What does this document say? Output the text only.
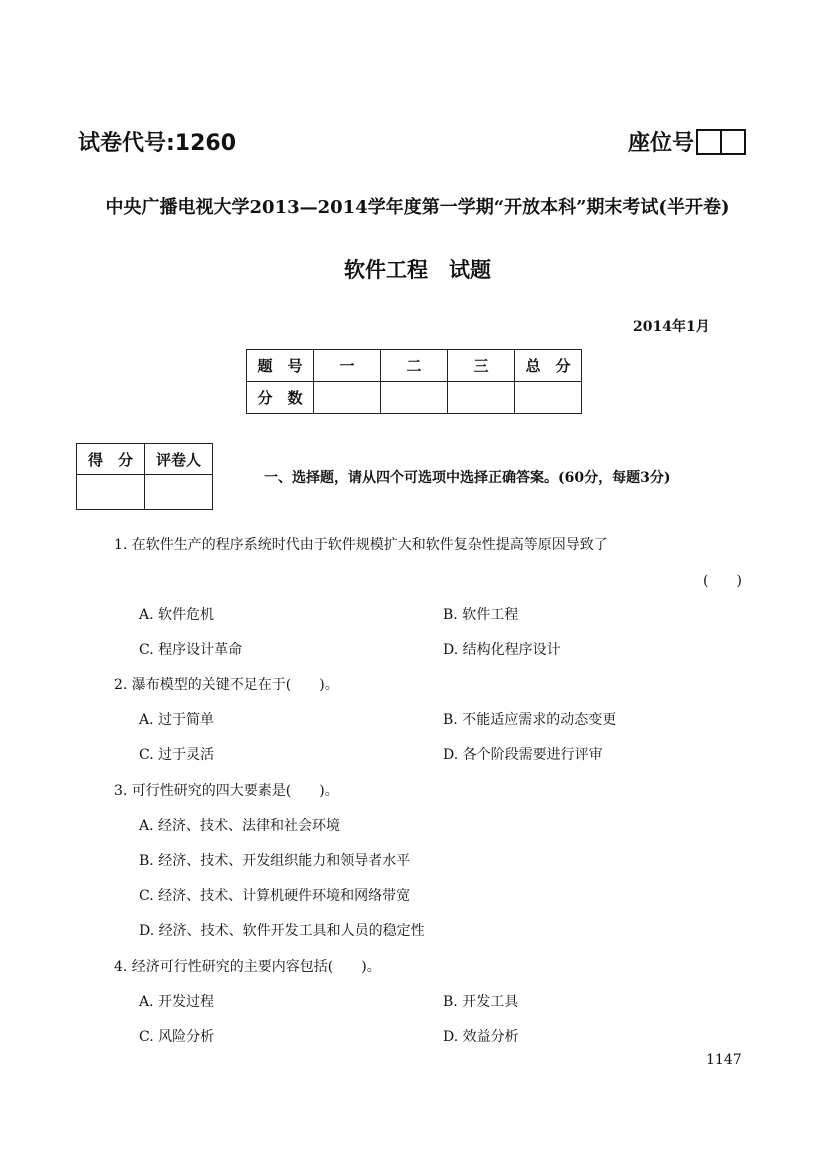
试卷代号:1260	座位号
中央广播电视大学2013—2014学年度第一学期“开放本科”期末考试(半开卷)
软件工程　试题
2014年1月
题　号	一	二	三	总　分
分　数				
得　分	评卷人

一、选择题，请从四个可选项中选择正确答案。(60分，每题3分)
1. 在软件生产的程序系统时代由于软件规模扩大和软件复杂性提高等原因导致了
(　　)
A. 软件危机	B. 软件工程
C. 程序设计革命	D. 结构化程序设计
2. 瀑布模型的关键不足在于(　　)。
A. 过于简单	B. 不能适应需求的动态变更
C. 过于灵活	D. 各个阶段需要进行评审
3. 可行性研究的四大要素是(　　)。
A. 经济、技术、法律和社会环境
B. 经济、技术、开发组织能力和领导者水平
C. 经济、技术、计算机硬件环境和网络带宽
D. 经济、技术、软件开发工具和人员的稳定性
4. 经济可行性研究的主要内容包括(　　)。
A. 开发过程	B. 开发工具
C. 风险分析	D. 效益分析
1147
